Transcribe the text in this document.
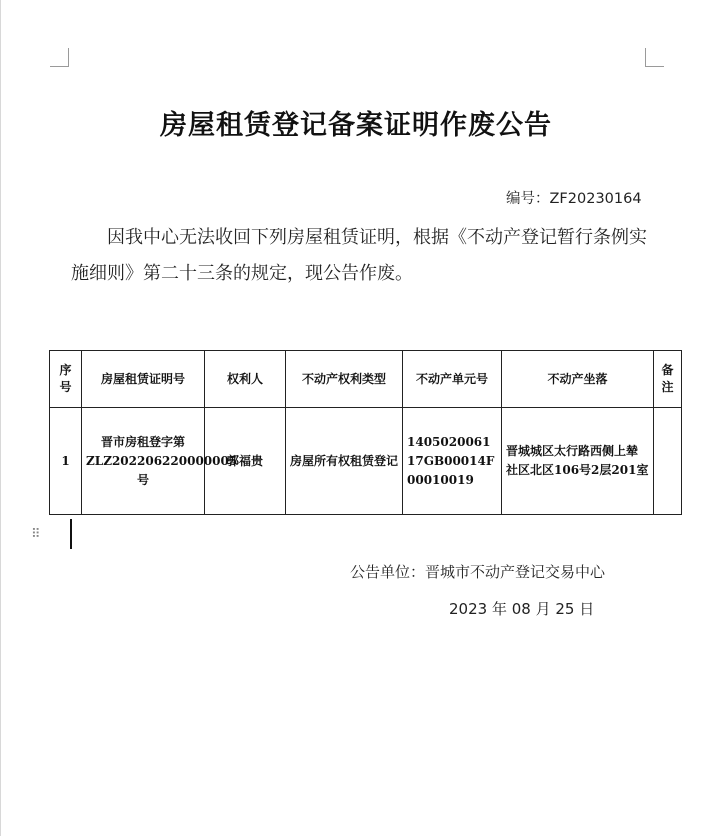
房屋租赁登记备案证明作废公告
编号：ZF20230164
因我中心无法收回下列房屋租赁证明，根据《不动产登记暂行条例实施细则》第二十三条的规定，现公告作废。
序号	房屋租赁证明号	权利人	不动产权利类型	不动产单元号	不动产坐落	备注
1	晋市房租登字第ZLZ202206220000005号	郭福贵	房屋所有权租赁登记	140502006117GB00014F00010019	晋城城区太行路西侧上辇社区北区106号2层201室	
⠿
公告单位：晋城市不动产登记交易中心
2023 年 08 月 25 日
